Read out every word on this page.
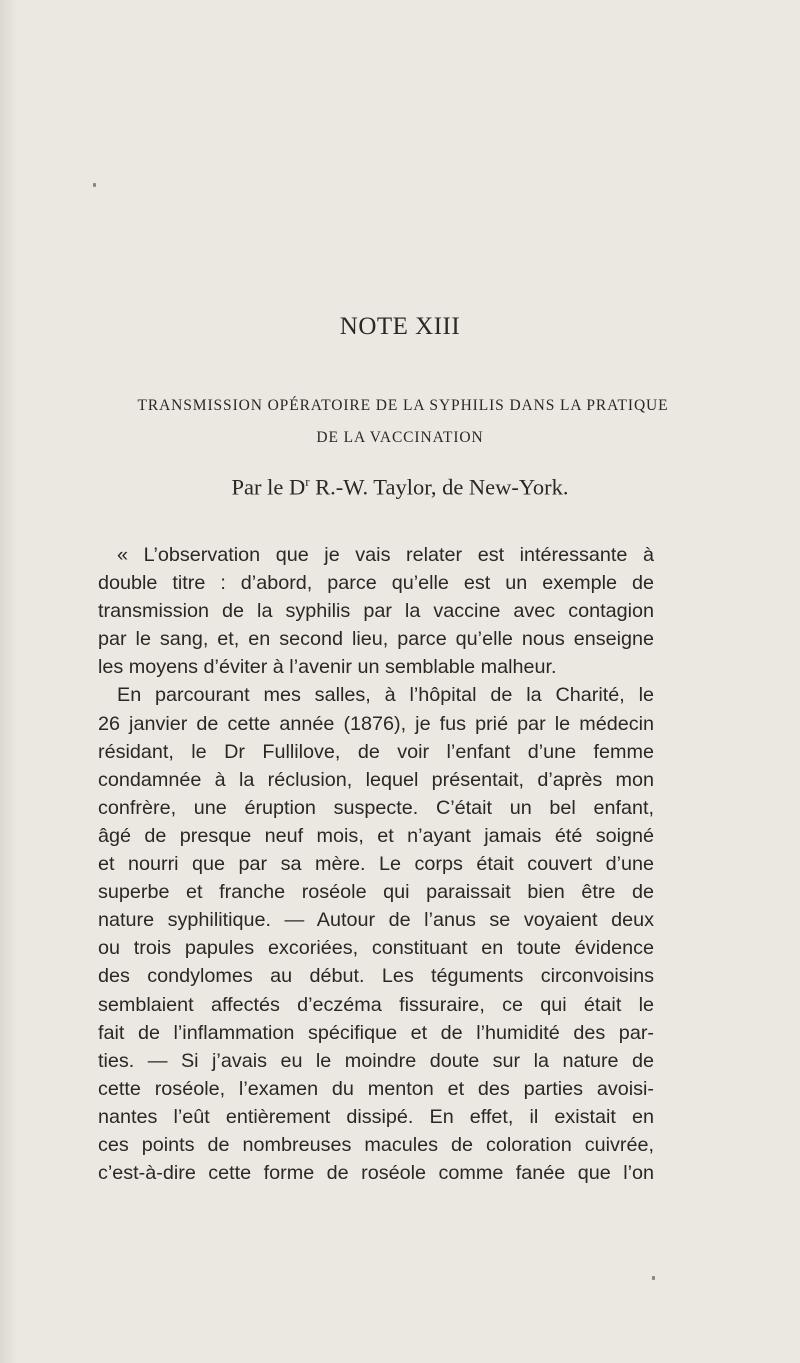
NOTE XIII
TRANSMISSION OPÉRATOIRE DE LA SYPHILIS DANS LA PRATIQUE
DE LA VACCINATION
Par le $D^r$ R.-W. Taylor, de New-York.
« L’observation que je vais relater est intéressante à
double titre : d’abord, parce qu’elle est un exemple de
transmission de la syphilis par la vaccine avec contagion
par le sang, et, en second lieu, parce qu’elle nous enseigne
les moyens d’éviter à l’avenir un semblable malheur.
En parcourant mes salles, à l’hôpital de la Charité, le
26 janvier de cette année (1876), je fus prié par le médecin
résidant, le Dr Fullilove, de voir l’enfant d’une femme
condamnée à la réclusion, lequel présentait, d’après mon
confrère, une éruption suspecte. C’était un bel enfant,
âgé de presque neuf mois, et n’ayant jamais été soigné
et nourri que par sa mère. Le corps était couvert d’une
superbe et franche roséole qui paraissait bien être de
nature syphilitique. — Autour de l’anus se voyaient deux
ou trois papules excoriées, constituant en toute évidence
des condylomes au début. Les téguments circonvoisins
semblaient affectés d’eczéma fissuraire, ce qui était le
fait de l’inflammation spécifique et de l’humidité des par-
ties. — Si j’avais eu le moindre doute sur la nature de
cette roséole, l’examen du menton et des parties avoisi-
nantes l’eût entièrement dissipé. En effet, il existait en
ces points de nombreuses macules de coloration cuivrée,
c’est-à-dire cette forme de roséole comme fanée que l’on
